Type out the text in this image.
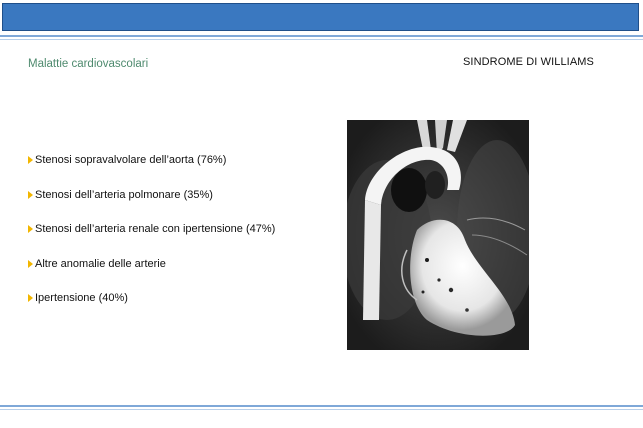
Malattie cardiovascolari	SINDROME DI WILLIAMS
Stenosi sopravalvolare dell’aorta (76%)
Stenosi dell’arteria polmonare (35%)
Stenosi dell’arteria renale con ipertensione (47%)
Altre anomalie delle arterie
Ipertensione (40%)
